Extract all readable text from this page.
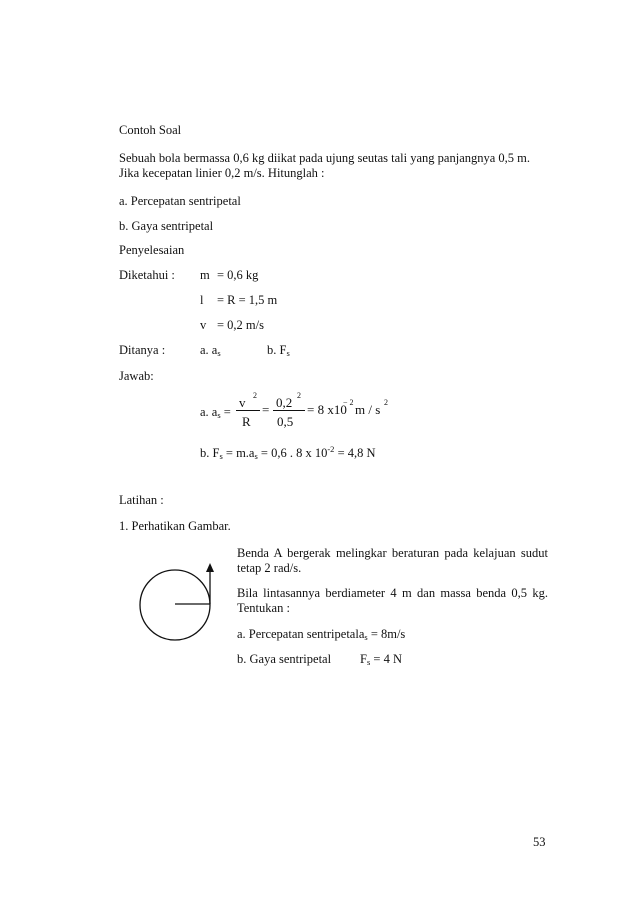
Contoh Soal
Sebuah bola bermassa 0,6 kg diikat pada ujung seutas tali yang panjangnya 0,5 m.
Jika kecepatan linier 0,2 m/s. Hitunglah :
a. Percepatan sentripetal
b. Gaya sentripetal
Penyelesaian
Diketahui : m = 0,6 kg
l = R = 1,5 m
v = 0,2 m/s
Ditanya :	a. $a_s$	b. $F_s$
Jawab:
a. $a_s$ =
v 2
R
= 0,2 2
0,5
= 8 x10
− 2 m / s 2
b. $F_s = m.a_s = 0,6$ . 8 x $10^{-2} = 4,8$ N
Latihan :
1. Perhatikan Gambar.
Benda A bergerak melingkar beraturan pada kelajuan sudut tetap 2 rad/s.
Bila lintasannya berdiameter 4 m dan massa benda 0,5 kg. Tentukan :
a. Percepatan sentripetala$_s$ = 8m/s
b. Gaya sentripetal $F_s = 4$ N
53
